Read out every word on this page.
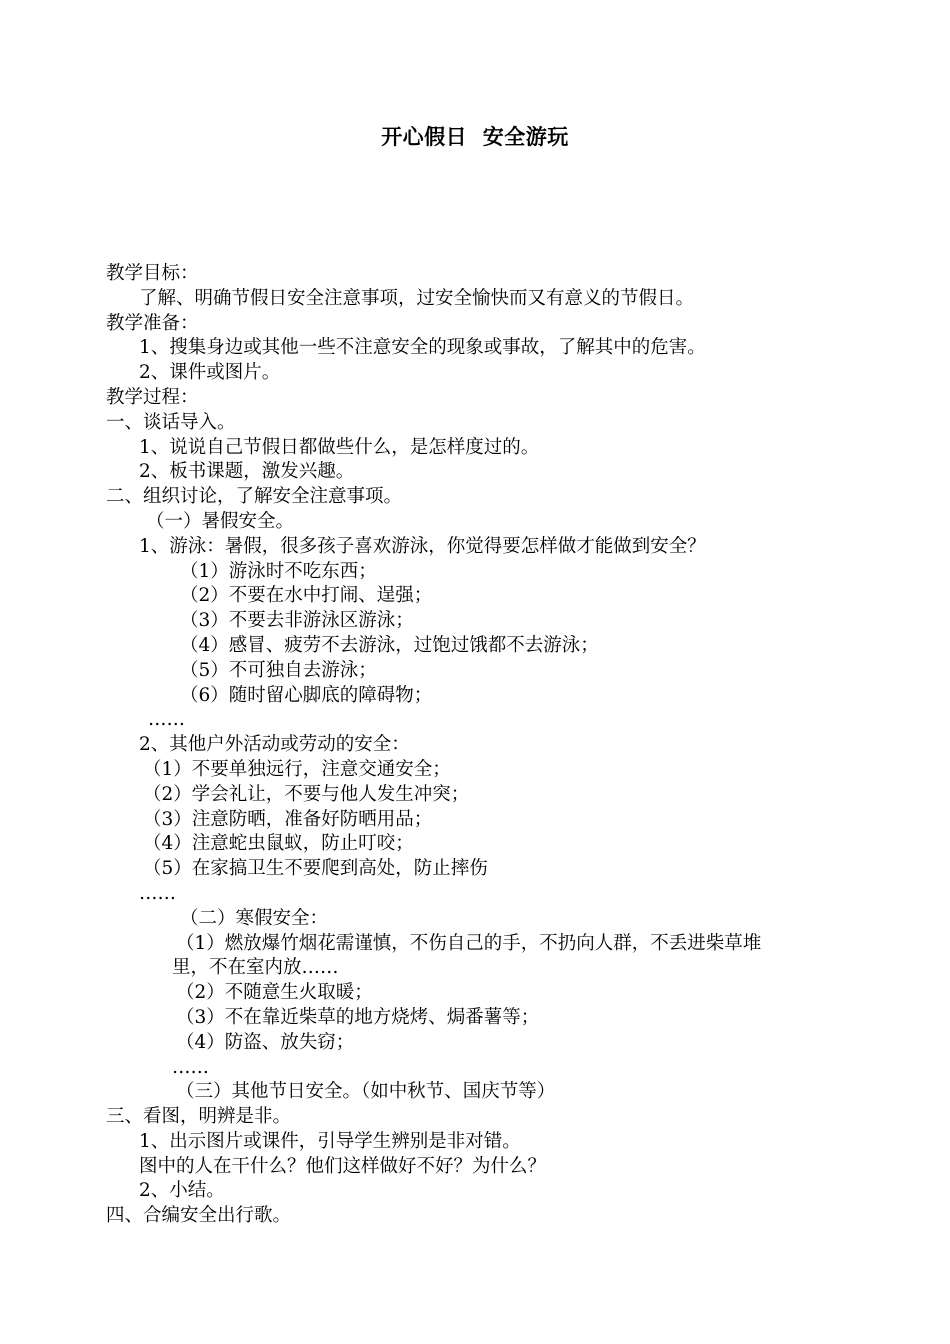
开心假日  安全游玩
教学目标：
了解、明确节假日安全注意事项，过安全愉快而又有意义的节假日。
教学准备：
1、搜集身边或其他一些不注意安全的现象或事故，了解其中的危害。
2、课件或图片。
教学过程：
一、谈话导入。
1、说说自己节假日都做些什么，是怎样度过的。
2、板书课题，激发兴趣。
二、组织讨论，了解安全注意事项。
（一）暑假安全。
1、游泳：暑假，很多孩子喜欢游泳，你觉得要怎样做才能做到安全？
（1）游泳时不吃东西；
（2）不要在水中打闹、逞强；
（3）不要去非游泳区游泳；
（4）感冒、疲劳不去游泳，过饱过饿都不去游泳；
（5）不可独自去游泳；
（6）随时留心脚底的障碍物；
……
2、其他户外活动或劳动的安全：
（1）不要单独远行，注意交通安全；
（2）学会礼让，不要与他人发生冲突；
（3）注意防晒，准备好防晒用品；
（4）注意蛇虫鼠蚁，防止叮咬；
（5）在家搞卫生不要爬到高处，防止摔伤
……
（二）寒假安全：
（1）燃放爆竹烟花需谨慎，不伤自己的手，不扔向人群，不丢进柴草堆
里，不在室内放……
（2）不随意生火取暖；
（3）不在靠近柴草的地方烧烤、焗番薯等；
（4）防盗、放失窃；
……
（三）其他节日安全。（如中秋节、国庆节等）
三、看图，明辨是非。
1、出示图片或课件，引导学生辨别是非对错。
图中的人在干什么？他们这样做好不好？为什么？
2、小结。
四、合编安全出行歌。
